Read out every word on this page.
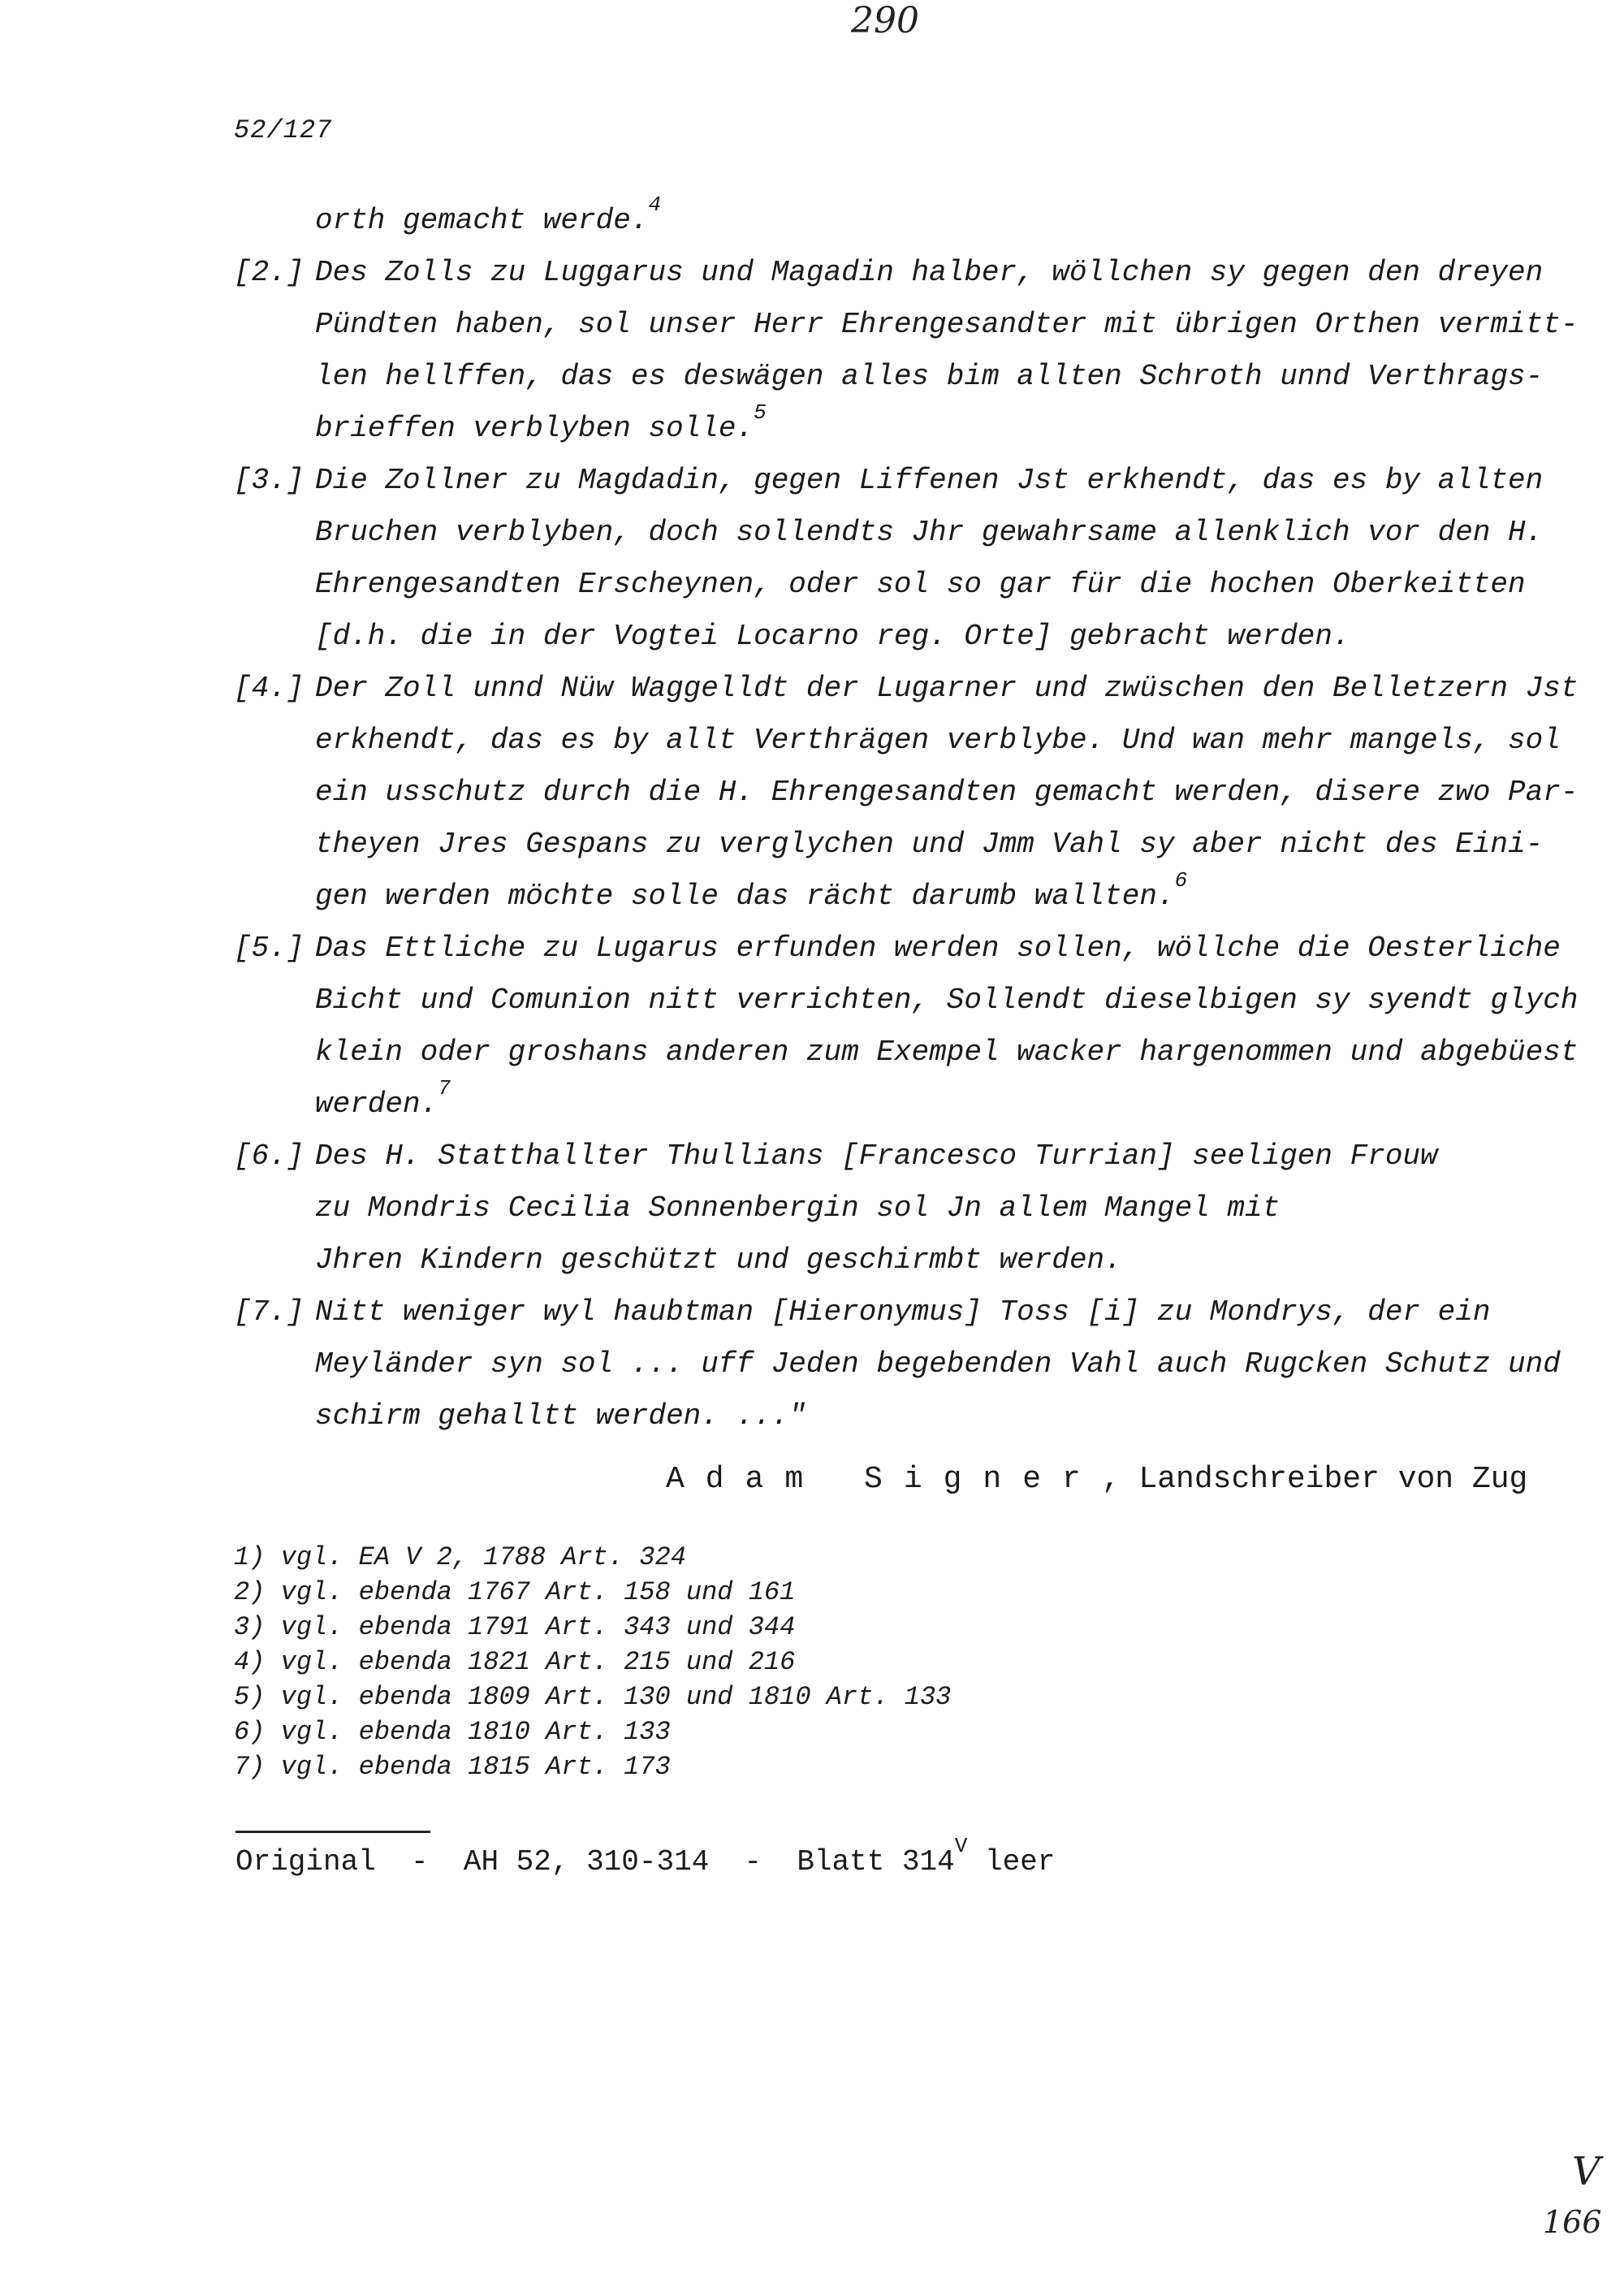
290
52/127
orth gemacht werde.$^4$
[2.] Des Zolls zu Luggarus und Magadin halber, wöllchen sy gegen den dreyen
Pündten haben, sol unser Herr Ehrengesandter mit übrigen Orthen vermitt-
len hellffen, das es deswägen alles bim allten Schroth unnd Verthrags-
brieffen verblyben solle.$^5$
[3.] Die Zollner zu Magdadin, gegen Liffenen Jst erkhendt, das es by allten
Bruchen verblyben, doch sollendts Jhr gewahrsame allenklich vor den H.
Ehrengesandten Erscheynen, oder sol so gar für die hochen Oberkeitten
[d.h. die in der Vogtei Locarno reg. Orte] gebracht werden.
[4.] Der Zoll unnd Nüw Waggelldt der Lugarner und zwüschen den Belletzern Jst
erkhendt, das es by allt Verthrägen verblybe. Und wan mehr mangels, sol
ein usschutz durch die H. Ehrengesandten gemacht werden, disere zwo Par-
theyen Jres Gespans zu verglychen und Jmm Vahl sy aber nicht des Eini-
gen werden möchte solle das rächt darumb wallten.$^6$
[5.] Das Ettliche zu Lugarus erfunden werden sollen, wöllche die Oesterliche
Bicht und Comunion nitt verrichten, Sollendt dieselbigen sy syendt glych
klein oder groshans anderen zum Exempel wacker hargenommen und abgebüest
werden.$^7$
[6.] Des H. Statthallter Thullians [Francesco Turrian] seeligen Frouw
zu Mondris Cecilia Sonnenbergin sol Jn allem Mangel mit
Jhren Kindern geschützt und geschirmbt werden.
[7.] Nitt weniger wyl haubtman [Hieronymus] Toss [i] zu Mondrys, der ein
Meyländer syn sol ... uff Jeden begebenden Vahl auch Rugcken Schutz und
schirm gehalltt werden. ..."
Adam Signer, Landschreiber von Zug
1) vgl. EA V 2, 1788 Art. 324
2) vgl. ebenda 1767 Art. 158 und 161
3) vgl. ebenda 1791 Art. 343 und 344
4) vgl. ebenda 1821 Art. 215 und 216
5) vgl. ebenda 1809 Art. 130 und 1810 Art. 133
6) vgl. ebenda 1810 Art. 133
7) vgl. ebenda 1815 Art. 173
Original  -  AH 52, 310-314  -  Blatt $314^V$ leer
V
166
